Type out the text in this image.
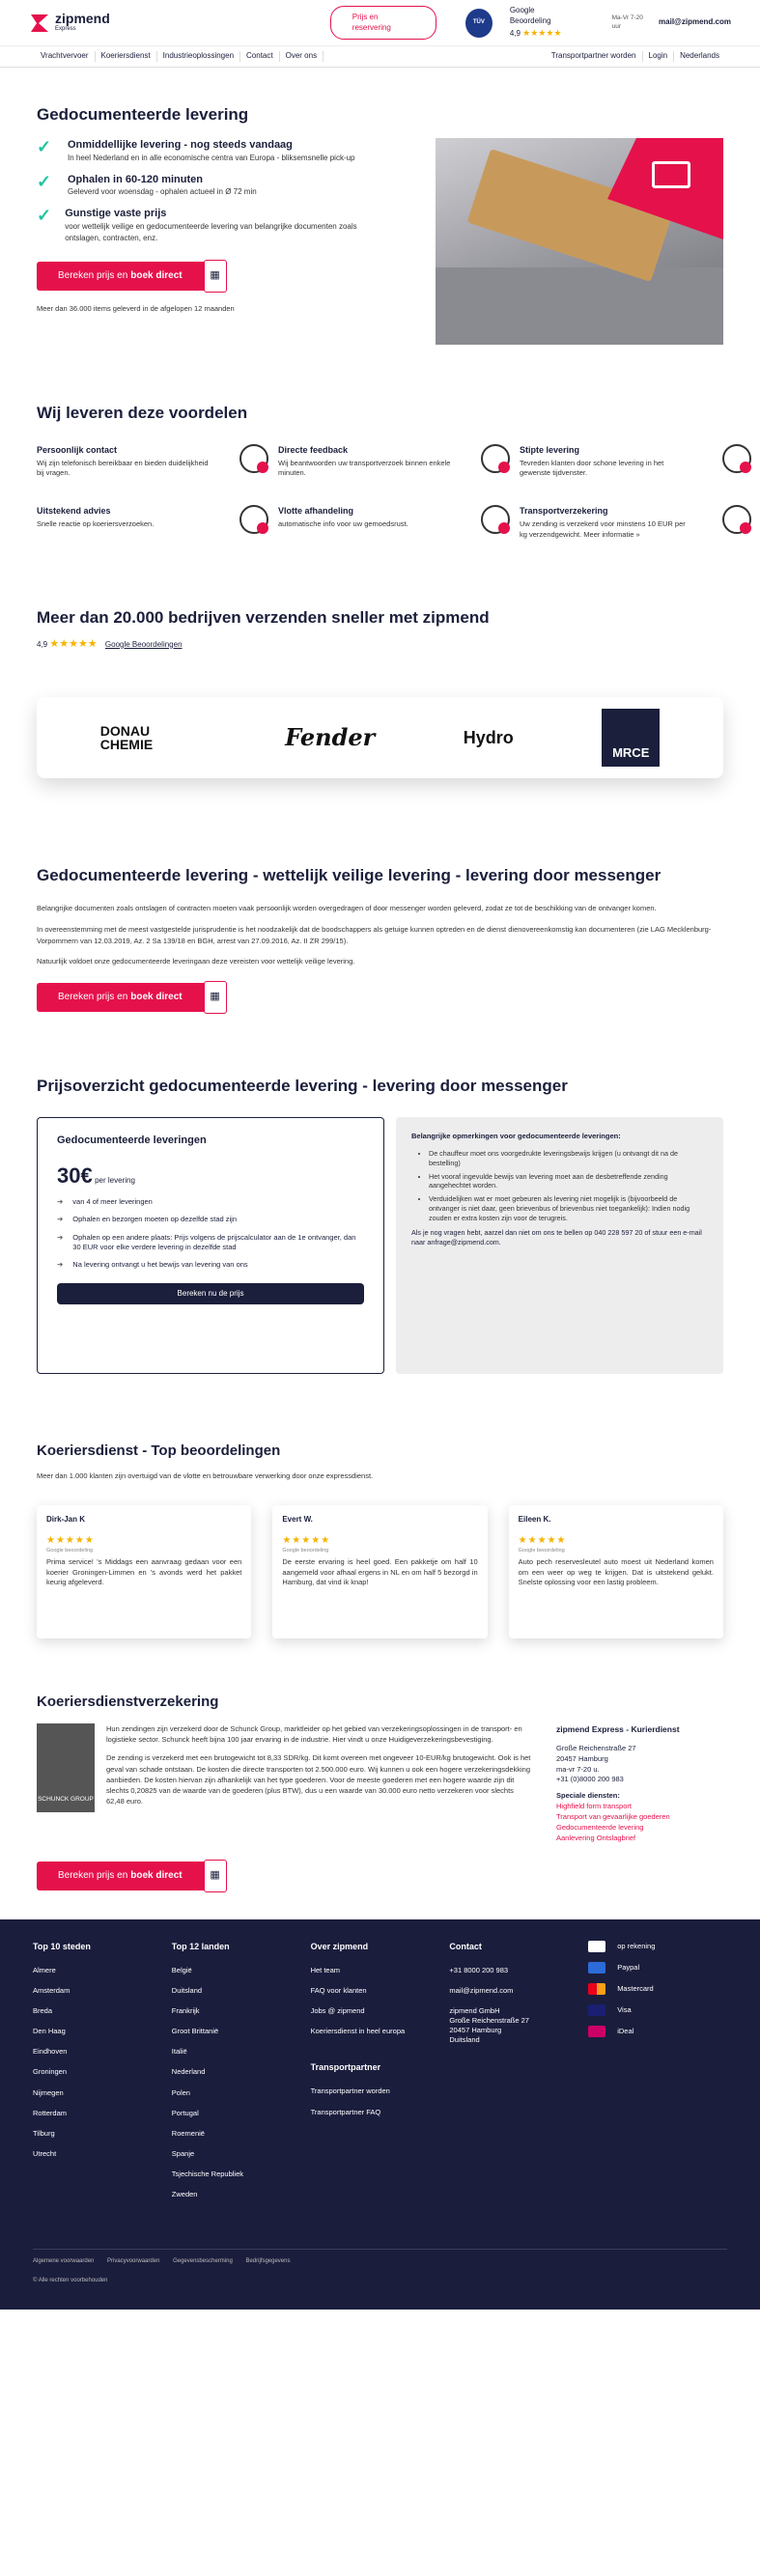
zipmend
Express
Prijs en reservering
TÜV
Google Beoordeling
4,9 ★★★★★
Ma-Vr 7-20 uur	mail@zipmend.com
Vrachtvervoer	Koeriersdienst	Industrieoplossingen	Contact	Over ons	Transportpartner worden	Login	Nederlands
Gedocumenteerde levering
✓ Onmiddellijke levering - nog steeds vandaag
In heel Nederland en in alle economische centra van Europa - bliksemsnelle pick-up
✓ Ophalen in 60-120 minuten
Geleverd voor woensdag - ophalen actueel in Ø 72 min
✓ Gunstige vaste prijs
voor wettelijk veilige en gedocumenteerde levering van belangrijke documenten zoals ontslagen, contracten, enz.
Bereken prijs en boek direct	▦
Meer dan 36.000 items geleverd in de afgelopen 12 maanden
Wij leveren deze voordelen
Persoonlijk contact
Wij zijn telefonisch bereikbaar en bieden duidelijkheid bij vragen.
Directe feedback
Wij beantwoorden uw transportverzoek binnen enkele minuten.
Stipte levering
Tevreden klanten door schone levering in het gewenste tijdvenster.
Uitstekend advies
Snelle reactie op koeriersverzoeken.
Vlotte afhandeling
automatische info voor uw gemoedsrust.
Transportverzekering
Uw zending is verzekerd voor minstens 10 EUR per kg verzendgewicht. Meer informatie »
Meer dan 20.000 bedrijven verzenden sneller met zipmend
4,9 ★★★★★ Google Beoordelingen
DONAU CHEMIE	Fender	Hydro
MRCE
Gedocumenteerde levering - wettelijk veilige levering - levering door messenger

Belangrijke documenten zoals ontslagen of contracten moeten vaak persoonlijk worden overgedragen of door messenger worden geleverd, zodat ze tot de beschikking van de ontvanger komen.

In overeenstemming met de meest vastgestelde jurisprudentie is het noodzakelijk dat de boodschappers als getuige kunnen optreden en de dienst dienovereenkomstig kan documenteren (zie LAG Mecklenburg-Vorpommern van 12.03.2019, Az. 2 Sa 139/18 en BGH, arrest van 27.09.2016, Az. II ZR 299/15).

Natuurlijk voldoet onze gedocumenteerde leveringaan deze vereisten voor wettelijk veilige levering.

Bereken prijs en boek direct	▦
Prijsoverzicht gedocumenteerde levering - levering door messenger
Gedocumenteerde leveringen
30€ per levering
➔ van 4 of meer leveringen
➔ Ophalen en bezorgen moeten op dezelfde stad zijn
➔ Ophalen op een andere plaats: Prijs volgens de prijscalculator aan de 1e ontvanger, dan 30 EUR voor elke verdere levering in dezelfde stad
➔ Na levering ontvangt u het bewijs van levering van ons
Bereken nu de prijs
Belangrijke opmerkingen voor gedocumenteerde leveringen:
• De chauffeur moet ons voorgedrukte leveringsbewijs krijgen (u ontvangt dit na de bestelling)
• Het vooraf ingevulde bewijs van levering moet aan de desbetreffende zending aangehechtet worden.
• Verduidelijken wat er moet gebeuren als levering niet mogelijk is (bijvoorbeeld de ontvanger is niet daar, geen brievenbus of brievenbus niet toegankelijk): Indien nodig zouden er extra kosten zijn voor de terugreis.

Als je nog vragen hebt, aarzel dan niet om ons te bellen op 040 228 597 20 of stuur een e-mail naar anfrage@zipmend.com.

Koeriersdienst - Top beoordelingen

Meer dan 1.000 klanten zijn overtuigd van de vlotte en betrouwbare verwerking door onze expressdienst.

Dirk-Jan K
★★★★★
Google beoordeling
Prima service! 's Middags een aanvraag gedaan voor een koerier Groningen-Limmen en 's avonds werd het pakket keurig afgeleverd.
Evert W.
★★★★★
Google beoordeling
De eerste ervaring is heel goed. Een pakketje om half 10 aangemeld voor afhaal ergens in NL en om half 5 bezorgd in Hamburg, dat vind ik knap!
Eileen K.
★★★★★
Google beoordeling
Auto pech reservesleutel auto moest uit Nederland komen om een weer op weg te krijgen. Dat is uitstekend gelukt. Snelste oplossing voor een lastig probleem.
Koeriersdienstverzekering
SCHUNCK GROUP

Hun zendingen zijn verzekerd door de Schunck Group, marktleider op het gebied van verzekeringsoplossingen in de transport- en logistieke sector. Schunck heeft bijna 100 jaar ervaring in de industrie. Hier vindt u onze Huidigeverzekeringsbevestiging.

De zending is verzekerd met een brutogewicht tot 8,33 SDR/kg. Dit komt overeen met ongeveer 10-EUR/kg brutogewicht. Ook is het geval van schade ontstaan. De kosten die directe transporten tot 2.500.000 euro. Wij kunnen u ook een hogere verzekeringsdekking aanbieden. De kosten hiervan zijn afhankelijk van het type goederen. Voor de meeste goederen met een hogere waarde zijn dit slechts 0,20825 van de waarde van de goederen (plus BTW), dus u een waarde van 30.000 euro netto verzekeren voor slechts 62,48 euro.

zipmend Express - Kurierdienst
Große Reichenstraße 27
20457 Hamburg
ma-vr 7-20 u.
+31 (0)8000 200 983
Speciale diensten:
Highfield form transport
Transport van gevaarlijke goederen
Gedocumenteerde levering
Aanlevering Ontslagbrief
Bereken prijs en boek direct	▦
Top 10 steden
Almere
Amsterdam
Breda
Den Haag
Eindhoven
Groningen
Nijmegen
Rotterdam
Tilburg
Utrecht
Top 12 landen
België
Duitsland
Frankrijk
Groot Brittanië
Italië
Nederland
Polen
Portugal
Roemenië
Spanje
Tsjechische Republiek
Zweden
Over zipmend
Het team
FAQ voor klanten
Jobs @ zipmend
Koeriersdienst in heel europa
Transportpartner
Transportpartner worden
Transportpartner FAQ
Contact
+31 8000 200 983
mail@zipmend.com
zipmend GmbH
Große Reichenstraße 27
20457 Hamburg
Duitsland
op rekening
Paypal
Mastercard
Visa
iDeal
Algemene voorwaarden Privacyvoorwaarden Gegevensbescherming Bedrijfsgegevens
© Alle rechten voorbehouden
